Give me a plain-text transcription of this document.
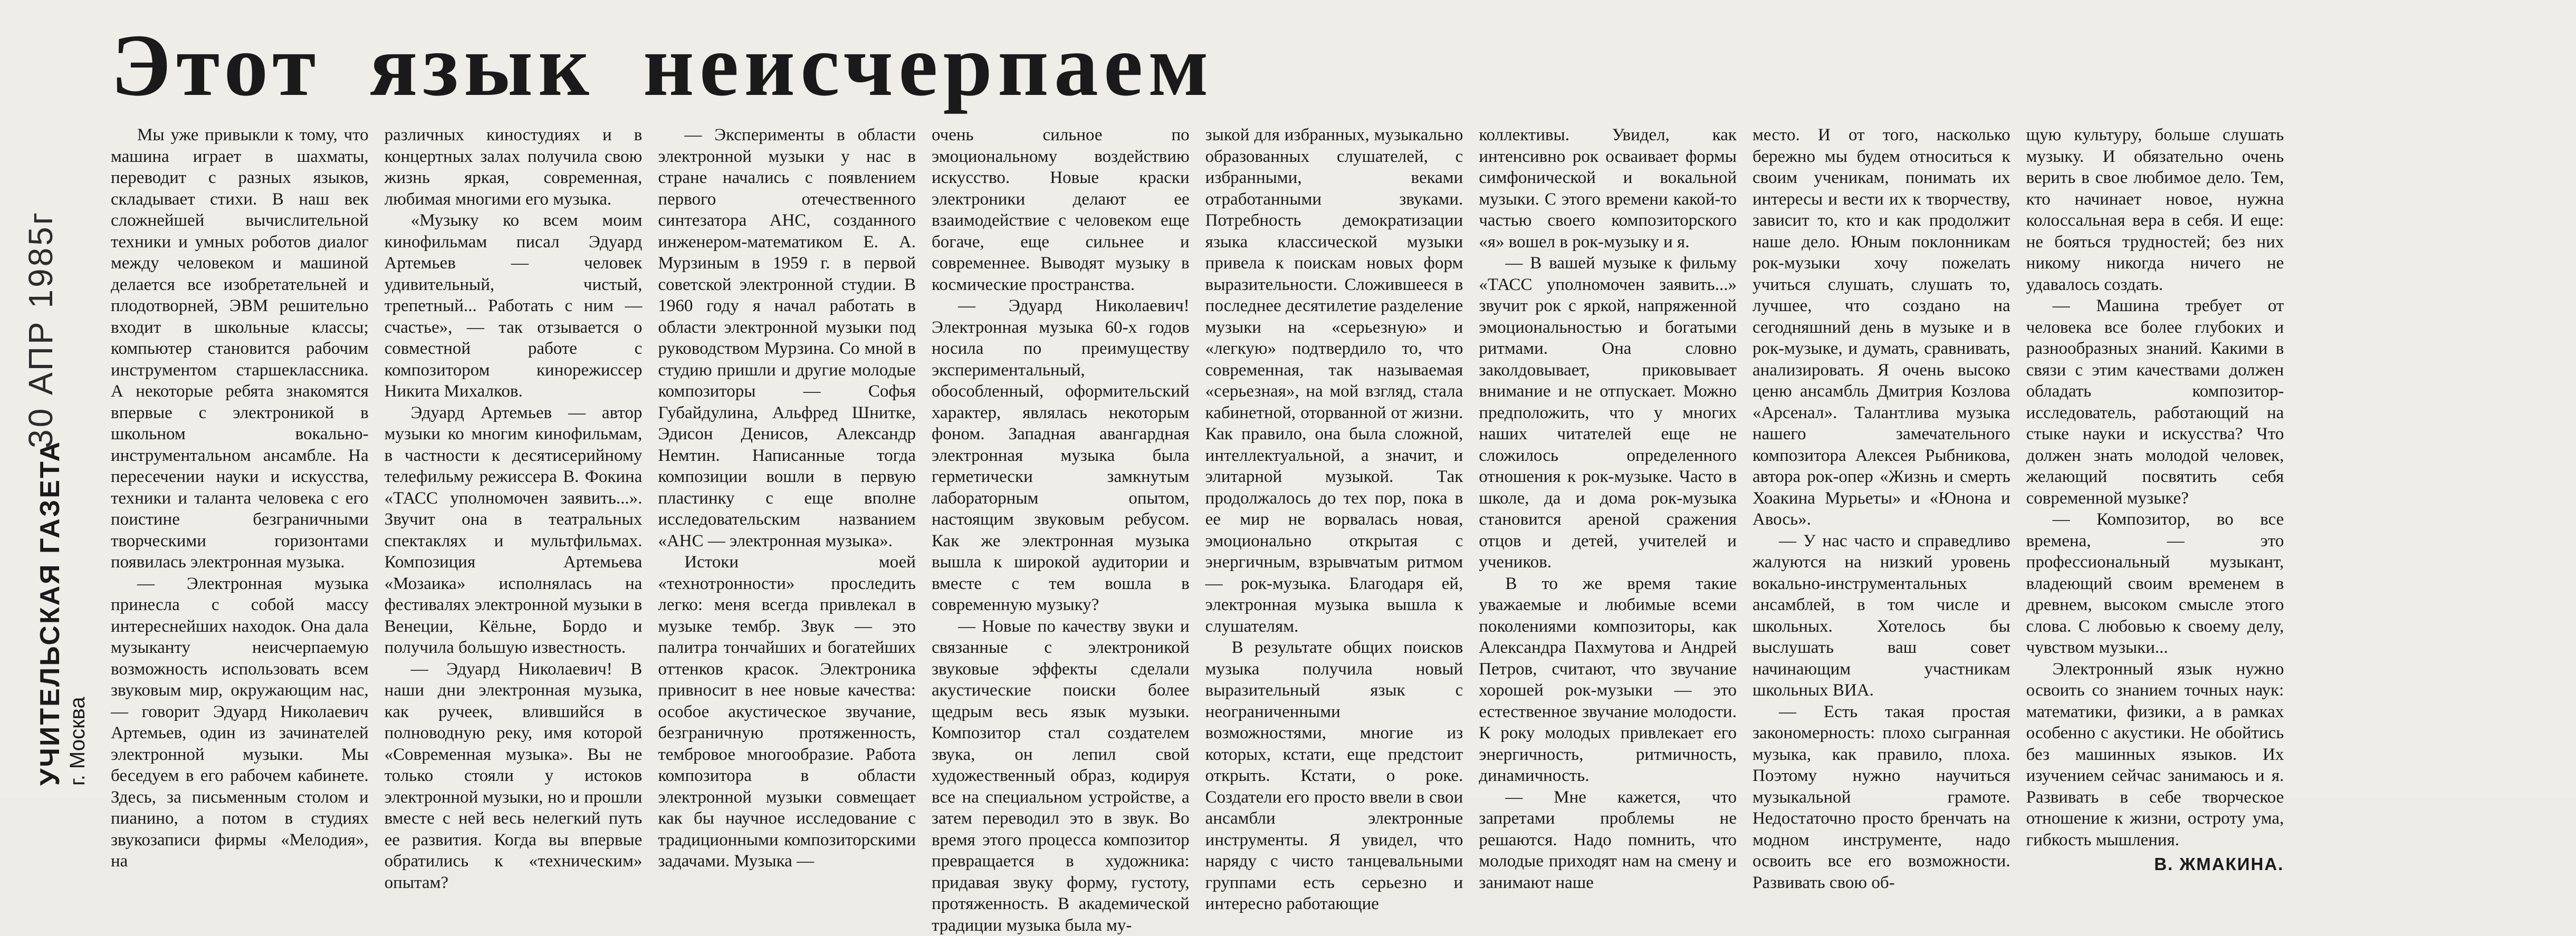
30 АПР 1985г
УЧИТЕЛЬСКАЯ ГАЗЕТА г. Москва
Этот язык неисчерпаем

Мы уже привыкли к тому, что машина играет в шахматы, переводит с разных языков, складывает стихи. В наш век сложнейшей вычислительной техники и умных роботов диалог между человеком и машиной делается все изобретательней и плодотворней, ЭВМ решительно входит в школьные классы; компьютер становится рабочим инструментом старшеклассника. А некоторые ребята знакомятся впервые с электроникой в школьном вокально-инструментальном ансамбле. На пересечении науки и искусства, техники и таланта человека с его поистине безграничными творческими горизонтами появилась электронная музыка.

— Электронная музыка принесла с собой массу интереснейших находок. Она дала музыканту неисчерпаемую возможность использовать всем звуковым мир, окружающим нас, — говорит Эдуард Николаевич Артемьев, один из зачинателей электронной музыки. Мы беседуем в его рабочем кабинете. Здесь, за письменным столом и пианино, а потом в студиях звукозаписи фирмы «Мелодия», на

различных киностудиях и в концертных залах получила свою жизнь яркая, современная, любимая многими его музыка.

«Музыку ко всем моим кинофильмам писал Эдуард Артемьев — человек удивительный, чистый, трепетный... Работать с ним — счастье», — так отзывается о совместной работе с композитором кинорежиссер Никита Михалков.

Эдуард Артемьев — автор музыки ко многим кинофильмам, в частности к десятисерийному телефильму режиссера В. Фокина «ТАСС уполномочен заявить...». Звучит она в театральных спектаклях и мультфильмах. Композиция Артемьева «Мозаика» исполнялась на фестивалях электронной музыки в Венеции, Кёльне, Бордо и получила большую известность.

— Эдуард Николаевич! В наши дни электронная музыка, как ручеек, влившийся в полноводную реку, имя которой «Современная музыка». Вы не только стояли у истоков электронной музыки, но и прошли вместе с ней весь нелегкий путь ее развития. Когда вы впервые обратились к «техническим» опытам?

— Эксперименты в области электронной музыки у нас в стране начались с появлением первого отечественного синтезатора АНС, созданного инженером-математиком Е. А. Мурзиным в 1959 г. в первой советской электронной студии. В 1960 году я начал работать в области электронной музыки под руководством Мурзина. Со мной в студию пришли и другие молодые композиторы — Софья Губайдулина, Альфред Шнитке, Эдисон Денисов, Александр Немтин. Написанные тогда композиции вошли в первую пластинку с еще вполне исследовательским названием «АНС — электронная музыка».

Истоки моей «технотронности» проследить легко: меня всегда привлекал в музыке тембр. Звук — это палитра тончайших и богатейших оттенков красок. Электроника привносит в нее новые качества: особое акустическое звучание, безграничную протяженность, тембровое многообразие. Работа композитора в области электронной музыки совмещает как бы научное исследование с традиционными композиторскими задачами. Музыка —

очень сильное по эмоциональному воздействию искусство. Новые краски электроники делают ее взаимодействие с человеком еще богаче, еще сильнее и современнее. Выводят музыку в космические пространства.

— Эдуард Николаевич! Электронная музыка 60-х годов носила по преимуществу экспериментальный, обособленный, оформительский характер, являлась некоторым фоном. Западная авангардная электронная музыка была герметически замкнутым лабораторным опытом, настоящим звуковым ребусом. Как же электронная музыка вышла к широкой аудитории и вместе с тем вошла в современную музыку?

— Новые по качеству звуки и связанные с электроникой звуковые эффекты сделали акустические поиски более щедрым весь язык музыки. Композитор стал создателем звука, он лепил свой художественный образ, кодируя все на специальном устройстве, а затем переводил это в звук. Во время этого процесса композитор превращается в художника: придавая звуку форму, густоту, протяженность. В академической традиции музыка была му-

зыкой для избранных, музыкально образованных слушателей, с избранными, веками отработанными звуками. Потребность демократизации языка классической музыки привела к поискам новых форм выразительности. Сложившееся в последнее десятилетие разделение музыки на «серьезную» и «легкую» подтвердило то, что современная, так называемая «серьезная», на мой взгляд, стала кабинетной, оторванной от жизни. Как правило, она была сложной, интеллектуальной, а значит, и элитарной музыкой. Так продолжалось до тех пор, пока в ее мир не ворвалась новая, эмоционально открытая с энергичным, взрывчатым ритмом — рок-музыка. Благодаря ей, электронная музыка вышла к слушателям.

В результате общих поисков музыка получила новый выразительный язык с неограниченными возможностями, многие из которых, кстати, еще предстоит открыть. Кстати, о роке. Создатели его просто ввели в свои ансамбли электронные инструменты. Я увидел, что наряду с чисто танцевальными группами есть серьезно и интересно работающие

коллективы. Увидел, как интенсивно рок осваивает формы симфонической и вокальной музыки. С этого времени какой-то частью своего композиторского «я» вошел в рок-музыку и я.

— В вашей музыке к фильму «ТАСС уполномочен заявить...» звучит рок с яркой, напряженной эмоциональностью и богатыми ритмами. Она словно заколдовывает, приковывает внимание и не отпускает. Можно предположить, что у многих наших читателей еще не сложилось определенного отношения к рок-музыке. Часто в школе, да и дома рок-музыка становится ареной сражения отцов и детей, учителей и учеников.

В то же время такие уважаемые и любимые всеми поколениями композиторы, как Александра Пахмутова и Андрей Петров, считают, что звучание хорошей рок-музыки — это естественное звучание молодости. К року молодых привлекает его энергичность, ритмичность, динамичность.

— Мне кажется, что запретами проблемы не решаются. Надо помнить, что молодые приходят нам на смену и занимают наше

место. И от того, насколько бережно мы будем относиться к своим ученикам, понимать их интересы и вести их к творчеству, зависит то, кто и как продолжит наше дело. Юным поклонникам рок-музыки хочу пожелать учиться слушать, слушать то, лучшее, что создано на сегодняшний день в музыке и в рок-музыке, и думать, сравнивать, анализировать. Я очень высоко ценю ансамбль Дмитрия Козлова «Арсенал». Талантлива музыка нашего замечательного композитора Алексея Рыбникова, автора рок-опер «Жизнь и смерть Хоакина Мурьеты» и «Юнона и Авось».

— У нас часто и справедливо жалуются на низкий уровень вокально-инструментальных ансамблей, в том числе и школьных. Хотелось бы выслушать ваш совет начинающим участникам школьных ВИА.

— Есть такая простая закономерность: плохо сыгранная музыка, как правило, плоха. Поэтому нужно научиться музыкальной грамоте. Недостаточно просто бренчать на модном инструменте, надо освоить все его возможности. Развивать свою об-

щую культуру, больше слушать музыку. И обязательно очень верить в свое любимое дело. Тем, кто начинает новое, нужна колоссальная вера в себя. И еще: не бояться трудностей; без них никому никогда ничего не удавалось создать.

— Машина требует от человека все более глубоких и разнообразных знаний. Какими в связи с этим качествами должен обладать композитор-исследователь, работающий на стыке науки и искусства? Что должен знать молодой человек, желающий посвятить себя современной музыке?

— Композитор, во все времена, — это профессиональный музыкант, владеющий своим временем в древнем, высоком смысле этого слова. С любовью к своему делу, чувством музыки...

Электронный язык нужно освоить со знанием точных наук: математики, физики, а в рамках особенно с акустики. Не обойтись без машинных языков. Их изучением сейчас занимаюсь и я. Развивать в себе творческое отношение к жизни, остроту ума, гибкость мышления.

В. ЖМАКИНА.
